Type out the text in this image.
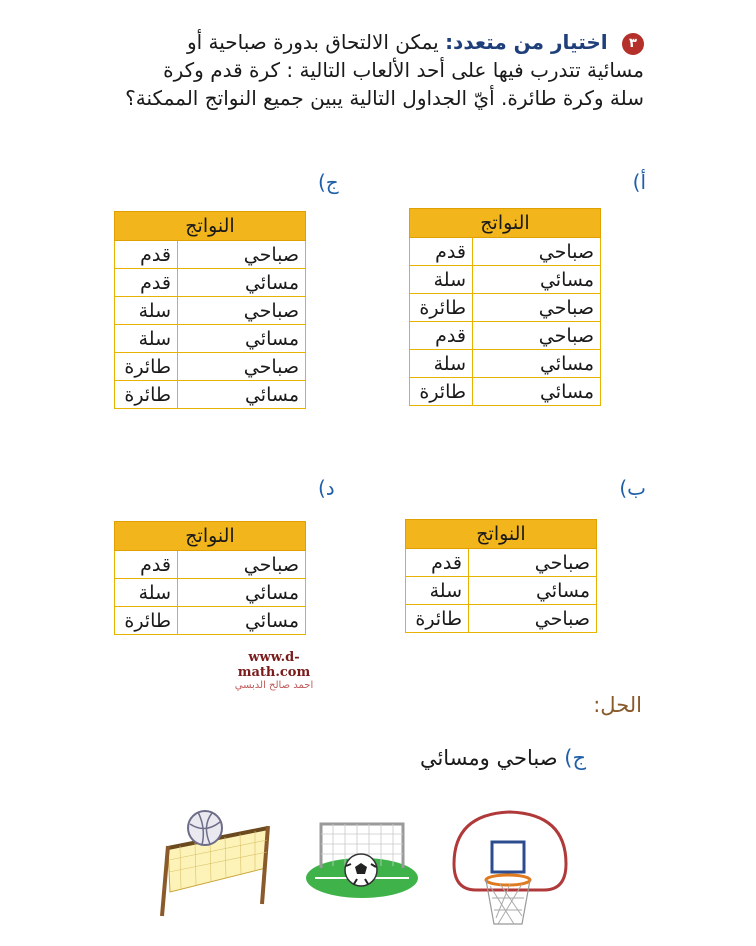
٣ اختيار من متعدد: يمكن الالتحاق بدورة صباحية أو مسائية تتدرب فيها على أحد الألعاب التالية : كرة قدم وكرة سلة وكرة طائرة. أيّ الجداول التالية يبين جميع النواتج الممكنة؟
أ)
ج)
ب)
د)
النواتج	
صباحي	قدم
مسائي	سلة
صباحي	طائرة
صباحي	قدم
مسائي	سلة
مسائي	طائرة
النواتج	
صباحي	قدم
مسائي	قدم
صباحي	سلة
مسائي	سلة
صباحي	طائرة
مسائي	طائرة
النواتج	
صباحي	قدم
مسائي	سلة
صباحي	طائرة
النواتج	
صباحي	قدم
مسائي	سلة
مسائي	طائرة
www.d-math.com
احمد صالح الدبسي
الحل:
ج) صباحي ومسائي
